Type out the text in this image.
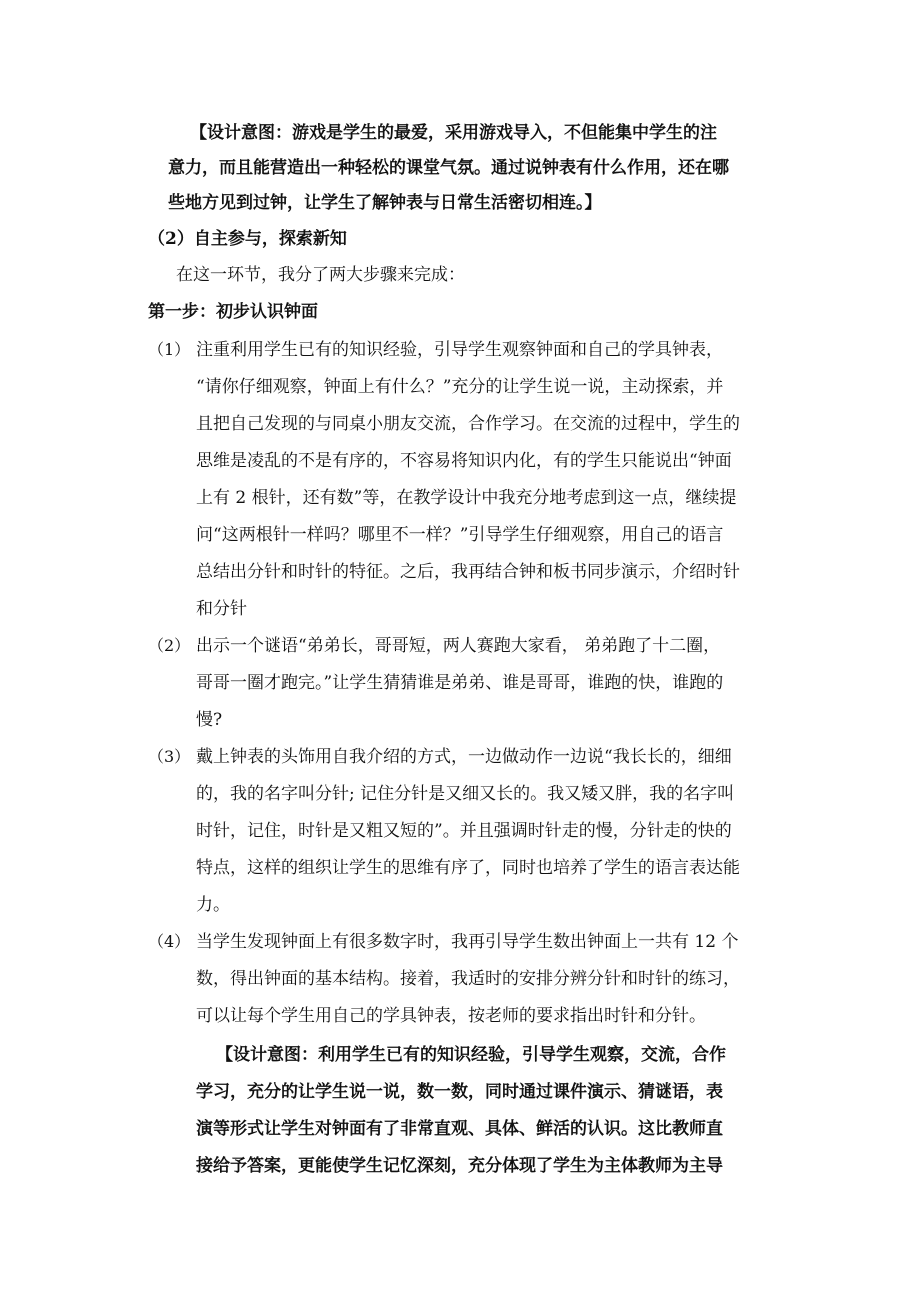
【设计意图：游戏是学生的最爱，采用游戏导入，不但能集中学生的注
意力，而且能营造出一种轻松的课堂气氛。通过说钟表有什么作用，还在哪
些地方见到过钟，让学生了解钟表与日常生活密切相连。】
（2）自主参与，探索新知
在这一环节，我分了两大步骤来完成：
第一步：初步认识钟面
（1） 注重利用学生已有的知识经验，引导学生观察钟面和自己的学具钟表，
“请你仔细观察，钟面上有什么？”充分的让学生说一说，主动探索，并
且把自己发现的与同桌小朋友交流，合作学习。在交流的过程中，学生的
思维是凌乱的不是有序的，不容易将知识内化，有的学生只能说出“钟面
上有 2 根针，还有数”等，在教学设计中我充分地考虑到这一点，继续提
问“这两根针一样吗？哪里不一样？”引导学生仔细观察，用自己的语言
总结出分针和时针的特征。之后，我再结合钟和板书同步演示，介绍时针
和分针
（2） 出示一个谜语“弟弟长，哥哥短，两人赛跑大家看， 弟弟跑了十二圈，
哥哥一圈才跑完。”让学生猜猜谁是弟弟、谁是哥哥，谁跑的快，谁跑的
慢?
（3） 戴上钟表的头饰用自我介绍的方式，一边做动作一边说“我长长的，细细
的，我的名字叫分针; 记住分针是又细又长的。我又矮又胖，我的名字叫
时针，记住，时针是又粗又短的”。并且强调时针走的慢，分针走的快的
特点，这样的组织让学生的思维有序了，同时也培养了学生的语言表达能
力。
（4） 当学生发现钟面上有很多数字时，我再引导学生数出钟面上一共有 12 个
数，得出钟面的基本结构。接着，我适时的安排分辨分针和时针的练习，
可以让每个学生用自己的学具钟表，按老师的要求指出时针和分针。
【设计意图：利用学生已有的知识经验，引导学生观察，交流，合作
学习，充分的让学生说一说，数一数，同时通过课件演示、猜谜语，表
演等形式让学生对钟面有了非常直观、具体、鲜活的认识。这比教师直
接给予答案，更能使学生记忆深刻，充分体现了学生为主体教师为主导
